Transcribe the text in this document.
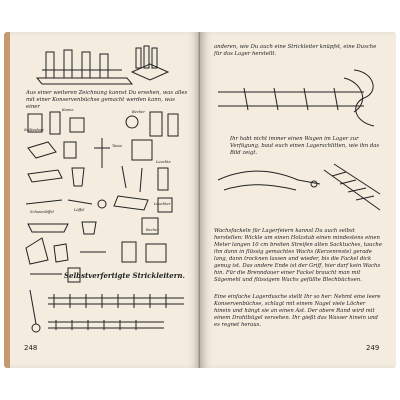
Aus einer weiteren Zeichnung kannst Du ersehen, was alles mit einer Konservenbüchse gemacht werden kann, was einer	Kanne	Becher
Seifendose
Tasse
Leuchte
Schaumlöffel	Löffel
Becher
Leuchter
Selbstverfertigte Strickleitern.
248
anderen, wie Du auch eine Strickleiter knüpfst, eine Dusche für das Lager herstellt.
Ihr habt nicht immer einen Wagen im Lager zur Verfügung, baut euch einen Lagerschlitten, wie ihn das Bild zeigt.
Wachsfackeln für Lagerfeiern kannst Du auch selbst herstellen: Wickle um einen Holzstab einen mindestens einen Meter langen 10 cm breiten Streifen alten Sacktuches, tauche ihn dann in flüssig gemachtes Wachs (Kerzenreste) gerade lang, dann trocknen lassen und wieder, bis die Fackel dick genug ist. Das andere Ende ist der Griff, hier darf kein Wachs hin. Für die Brenndauer einer Fackel braucht man mit Sägemehl und flüssigem Wachs gefüllte Blechbüchsen.
Eine einfache Lagerdusche stellt Ihr so her: Nehmt eine leere Konservenbüchse, schlagt mit einem Nagel viele Löcher hinein und hängt sie an einen Ast. Der obere Rand wird mit einem Drahtbügel versehen. Ihr gießt das Wasser hinein und es regnet heraus.
249
